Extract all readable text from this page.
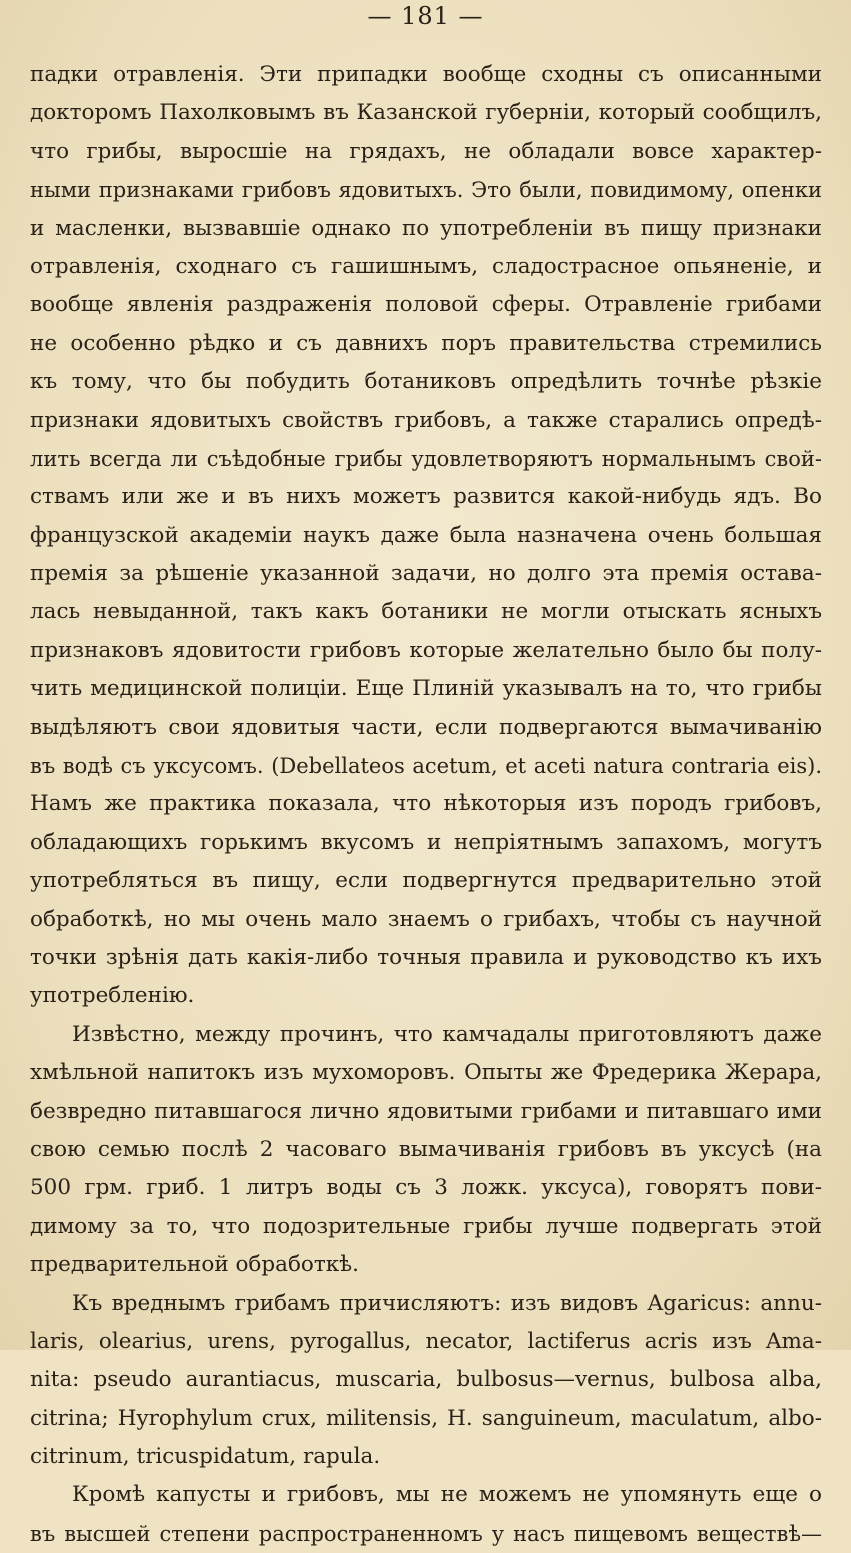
— 181 —
падки отравленія. Эти припадки вообще сходны съ описанными
докторомъ Пахолковымъ въ Казанской губерніи, который сообщилъ,
что грибы, выросшіе на грядахъ, не обладали вовсе характер-
ными признаками грибовъ ядовитыхъ. Это были, повидимому, опенки
и масленки, вызвавшіе однако по употребленіи въ пищу признаки
отравленія, сходнаго съ гашишнымъ, сладострасное опьяненіе, и
вообще явленія раздраженія половой сферы. Отравленіе грибами
не особенно рѣдко и съ давнихъ поръ правительства стремились
къ тому, что бы побудить ботаниковъ опредѣлить точнѣе рѣзкіе
признаки ядовитыхъ свойствъ грибовъ, а также старались опредѣ-
лить всегда ли съѣдобные грибы удовлетворяютъ нормальнымъ свой-
ствамъ или же и въ нихъ можетъ развится какой-нибудь ядъ. Во
французской академіи наукъ даже была назначена очень большая
премія за рѣшеніе указанной задачи, но долго эта премія остава-
лась невыданной, такъ какъ ботаники не могли отыскать ясныхъ
признаковъ ядовитости грибовъ которые желательно было бы полу-
чить медицинской полиціи. Еще Плиній указывалъ на то, что грибы
выдѣляютъ свои ядовитыя части, если подвергаются вымачиванію
въ водѣ съ уксусомъ. (Debellateos acetum, et aceti natura contraria eis).
Намъ же практика показала, что нѣкоторыя изъ породъ грибовъ,
обладающихъ горькимъ вкусомъ и непріятнымъ запахомъ, могутъ
употребляться въ пищу, если подвергнутся предварительно этой
обработкѣ, но мы очень мало знаемъ о грибахъ, чтобы съ научной
точки зрѣнія дать какія-либо точныя правила и руководство къ ихъ
употребленію.
Извѣстно, между прочинъ, что камчадалы приготовляютъ даже
хмѣльной напитокъ изъ мухоморовъ. Опыты же Фредерика Жерара,
безвредно питавшагося лично ядовитыми грибами и питавшаго ими
свою семью послѣ 2 часоваго вымачиванія грибовъ въ уксусѣ (на
500 грм. гриб. 1 литръ воды съ 3 ложк. уксуса), говорятъ пови-
димому за то, что подозрительные грибы лучше подвергать этой
предварительной обработкѣ.
Къ вреднымъ грибамъ причисляютъ: изъ видовъ Agaricus: annu-
laris, olearius, urens, pyrogallus, necator, lactiferus acris изъ Ama-
nita: pseudo aurantiacus, muscaria, bulbosus—vernus, bulbosa alba,
citrina; Hyrophylum crux, militensis, H. sanguineum, maculatum, albo-
citrinum, tricuspidatum, rapula.
Кромѣ капусты и грибовъ, мы не можемъ не упомянуть еще о
въ высшей степени распространенномъ у насъ пищевомъ веществѣ—
